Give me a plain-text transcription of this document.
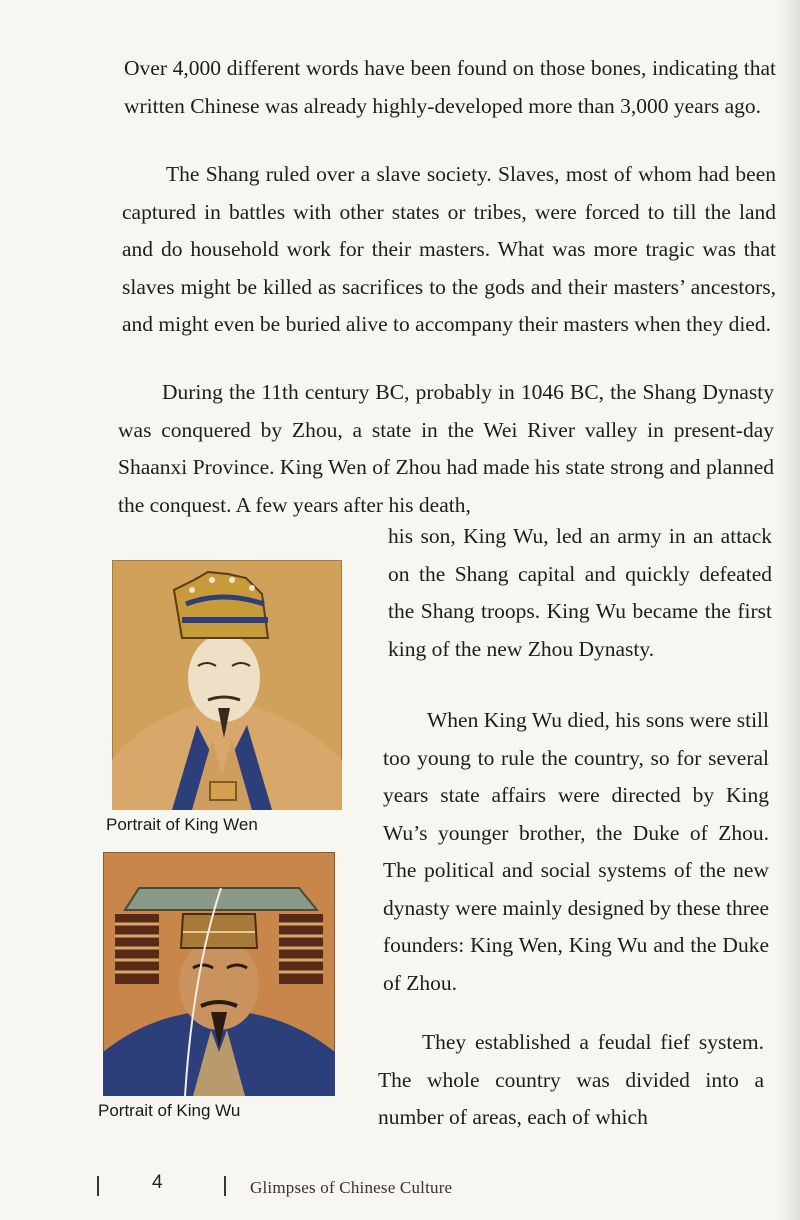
Over 4,000 different words have been found on those bones, indicating that written Chinese was already highly-developed more than 3,000 years ago.

The Shang ruled over a slave society. Slaves, most of whom had been captured in battles with other states or tribes, were forced to till the land and do household work for their masters. What was more tragic was that slaves might be killed as sacrifices to the gods and their masters’ ancestors, and might even be buried alive to accompany their masters when they died.

During the 11th century BC, probably in 1046 BC, the Shang Dynasty was conquered by Zhou, a state in the Wei River valley in present-day Shaanxi Province. King Wen of Zhou had made his state strong and planned the conquest. A few years after his death,

his son, King Wu, led an army in an attack on the Shang capital and quickly defeated the Shang troops. King Wu became the first king of the new Zhou Dynasty.

When King Wu died, his sons were still too young to rule the country, so for several years state affairs were directed by King Wu’s younger brother, the Duke of Zhou. The political and social systems of the new dynasty were mainly designed by these three founders: King Wen, King Wu and the Duke of Zhou.

They established a feudal fief system. The whole country was divided into a number of areas, each of which

Portrait of King Wen
Portrait of King Wu
4	Glimpses of Chinese Culture
